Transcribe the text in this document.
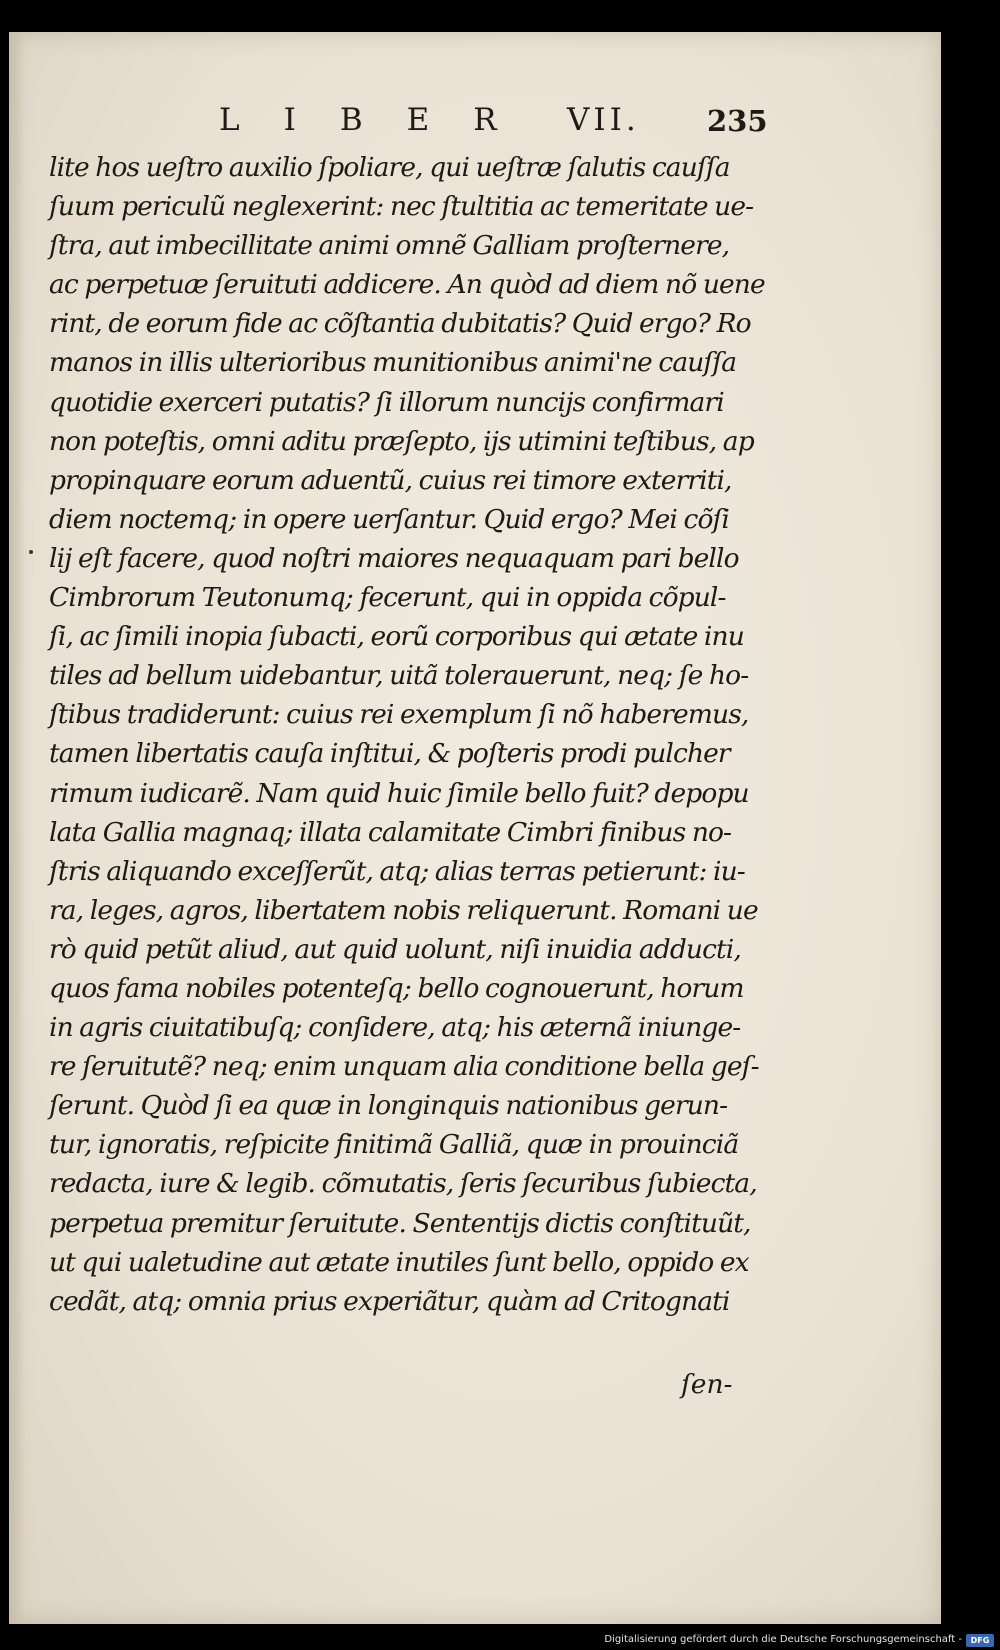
LIBER VII. 235
lite hos ueſtro auxilio ſpoliare, qui ueſtræ ſalutis cauſſa
ſuum periculũ neglexerint: nec ſtultitia ac temeritate ue-
ſtra, aut imbecillitate animi omnẽ Galliam proſternere,
ac perpetuæ ſeruituti addicere. An quòd ad diem nõ uene
rint, de eorum fide ac cõſtantia dubitatis? Quid ergo? Ro
manos in illis ulterioribus munitionibus animi'ne cauſſa
quotidie exerceri putatis? ſi illorum nuncijs confirmari
non poteſtis, omni aditu præſepto, ijs utimini teſtibus, ap
propinquare eorum aduentũ, cuius rei timore exterriti,
diem noctemq; in opere uerſantur. Quid ergo? Mei cõſi
lij eſt facere, quod noſtri maiores nequaquam pari bello
Cimbrorum Teutonumq; fecerunt, qui in oppida cõpul-
ſi, ac ſimili inopia ſubacti, eorũ corporibus qui ætate inu
tiles ad bellum uidebantur, uitã tolerauerunt, neq; ſe ho-
ſtibus tradiderunt: cuius rei exemplum ſi nõ haberemus,
tamen libertatis cauſa inſtitui, & poſteris prodi pulcher
rimum iudicarẽ. Nam quid huic ſimile bello fuit? depopu
lata Gallia magnaq; illata calamitate Cimbri finibus no-
ſtris aliquando exceſſerũt, atq; alias terras petierunt: iu-
ra, leges, agros, libertatem nobis reliquerunt. Romani ue
rò quid petũt aliud, aut quid uolunt, niſi inuidia adducti,
quos fama nobiles potenteſq; bello cognouerunt, horum
in agris ciuitatibuſq; conſidere, atq; his æternã iniunge-
re ſeruitutẽ? neq; enim unquam alia conditione bella geſ-
ſerunt. Quòd ſi ea quæ in longinquis nationibus gerun-
tur, ignoratis, reſpicite finitimã Galliã, quæ in prouinciã
redacta, iure & legib. cõmutatis, ſeris ſecuribus ſubiecta,
perpetua premitur ſeruitute. Sententijs dictis conſtituũt,
ut qui ualetudine aut ætate inutiles ſunt bello, oppido ex
cedãt, atq; omnia prius experiãtur, quàm ad Critognati
ſen-
Digitalisierung gefördert durch die Deutsche Forschungsgemeinschaft -	DFG
